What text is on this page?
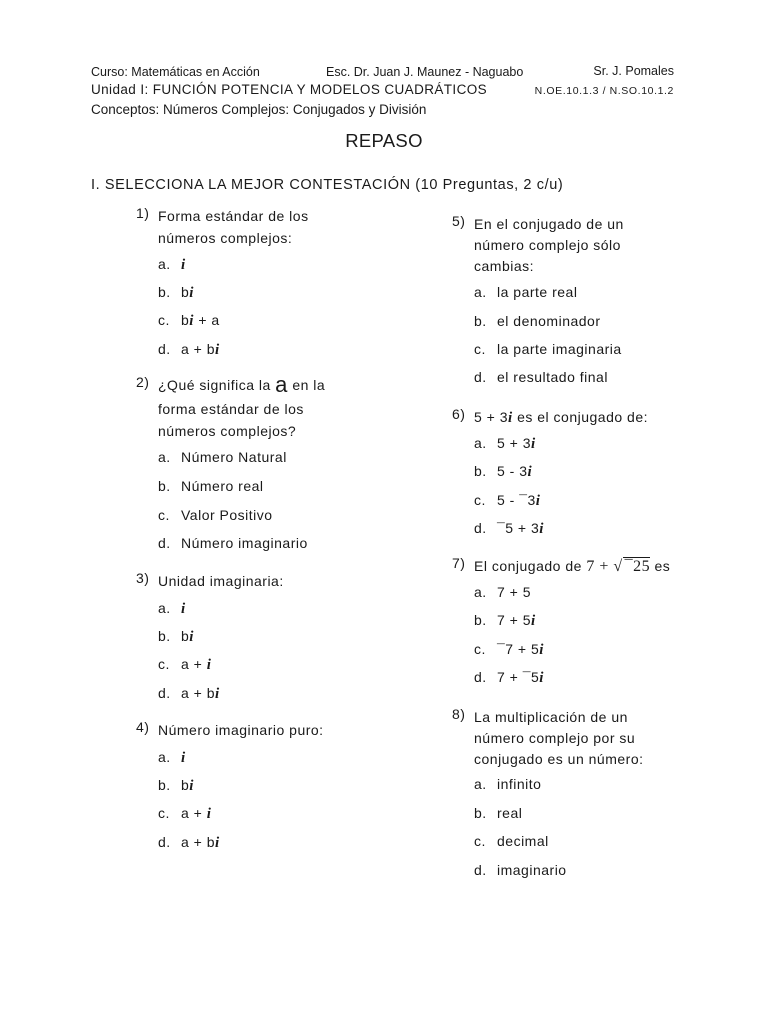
Curso: Matemáticas en Acción	Esc. Dr. Juan J. Maunez - Naguabo	Sr. J. Pomales
Unidad I: FUNCIÓN POTENCIA Y MODELOS CUADRÁTICOS	N.OE.10.1.3 / N.SO.10.1.2
Conceptos: Números Complejos: Conjugados y División
REPASO
I. SELECCIONA LA MEJOR CONTESTACIÓN (10 Preguntas, 2 c/u)
1) Forma estándar de los
números complejos:
a. i
b. bi
c. bi + a
d. a + bi
2) ¿Qué significa la a en la
forma estándar de los
números complejos?
a. Número Natural
b. Número real
c. Valor Positivo
d. Número imaginario
3) Unidad imaginaria:
a. i
b. bi
c. a + i
d. a + bi
4) Número imaginario puro:
a. i
b. bi
c. a + i
d. a + bi
5) En el conjugado de un
número complejo sólo
cambias:
a. la parte real
b. el denominador
c. la parte imaginaria
d. el resultado final
6) 5 + 3i es el conjugado de:
a. 5 + 3i
b. 5 - 3i
c. 5 - ¯3i
d. ¯5 + 3i
7) El conjugado de 7 + √ ¯25 es
a. 7 + 5
b. 7 + 5i
c. ¯7 + 5i
d. 7 + ¯5i
8) La multiplicación de un
número complejo por su
conjugado es un número:
a. infinito
b. real
c. decimal
d. imaginario
